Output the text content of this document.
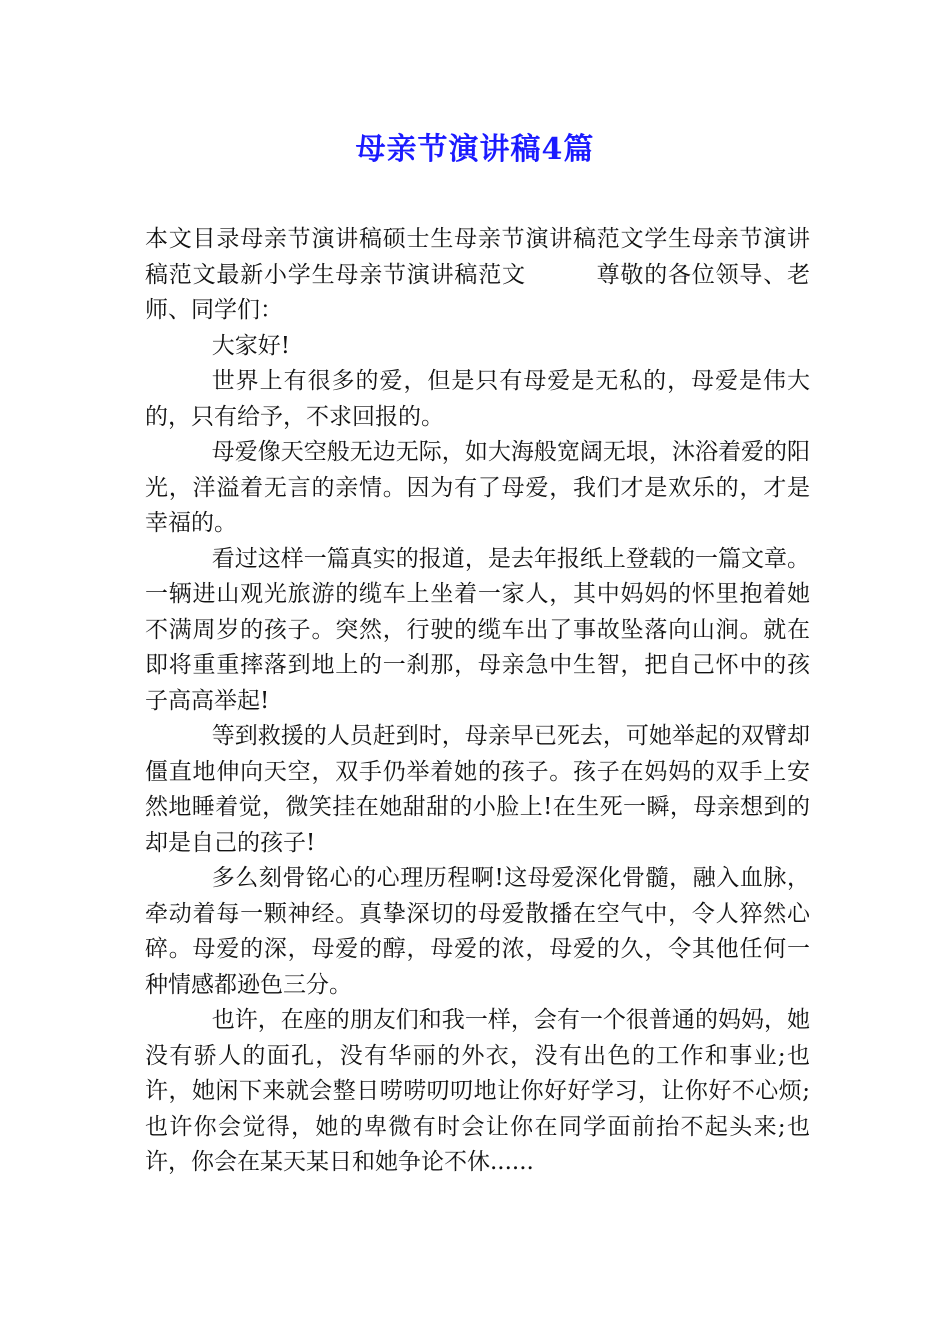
母亲节演讲稿4篇

本文目录母亲节演讲稿硕士生母亲节演讲稿范文学生母亲节演讲稿范文最新小学生母亲节演讲稿范文	尊敬的各位领导、老师、同学们：

大家好!

世界上有很多的爱，但是只有母爱是无私的，母爱是伟大的，只有给予，不求回报的。

母爱像天空般无边无际，如大海般宽阔无垠，沐浴着爱的阳光，洋溢着无言的亲情。因为有了母爱，我们才是欢乐的，才是幸福的。

看过这样一篇真实的报道，是去年报纸上登载的一篇文章。一辆进山观光旅游的缆车上坐着一家人，其中妈妈的怀里抱着她不满周岁的孩子。突然，行驶的缆车出了事故坠落向山涧。就在即将重重摔落到地上的一刹那，母亲急中生智，把自己怀中的孩子高高举起!

等到救援的人员赶到时，母亲早已死去，可她举起的双臂却僵直地伸向天空，双手仍举着她的孩子。孩子在妈妈的双手上安然地睡着觉，微笑挂在她甜甜的小脸上!在生死一瞬，母亲想到的却是自己的孩子!

多么刻骨铭心的心理历程啊!这母爱深化骨髓，融入血脉，牵动着每一颗神经。真挚深切的母爱散播在空气中，令人猝然心碎。母爱的深，母爱的醇，母爱的浓，母爱的久，令其他任何一种情感都逊色三分。

也许，在座的朋友们和我一样，会有一个很普通的妈妈，她没有骄人的面孔，没有华丽的外衣，没有出色的工作和事业;也许，她闲下来就会整日唠唠叨叨地让你好好学习，让你好不心烦;也许你会觉得，她的卑微有时会让你在同学面前抬不起头来;也许，你会在某天某日和她争论不休......
